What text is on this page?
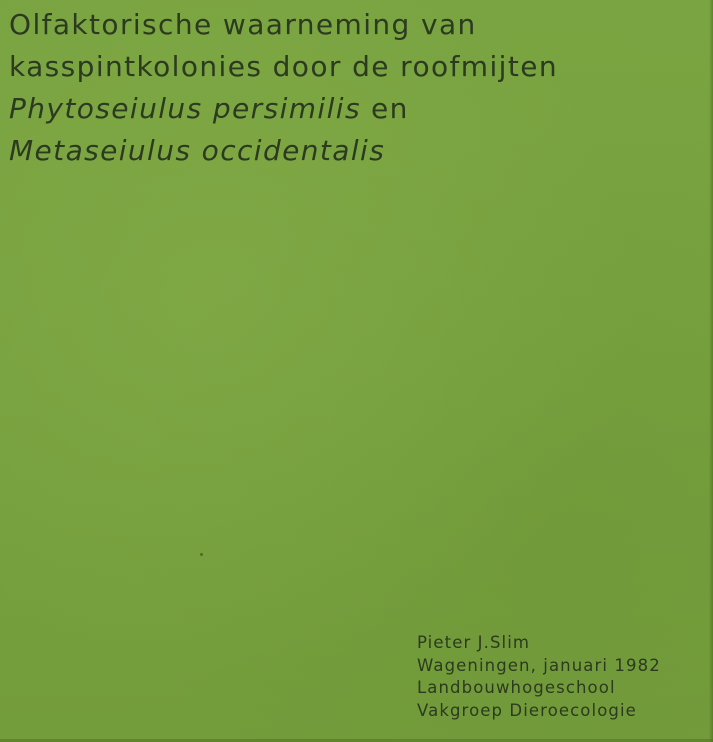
Olfaktorische waarneming van
kasspintkolonies door de roofmijten
Phytoseiulus persimilis en
Metaseiulus occidentalis
Pieter J.Slim
Wageningen, januari 1982
Landbouwhogeschool
Vakgroep Dieroecologie
